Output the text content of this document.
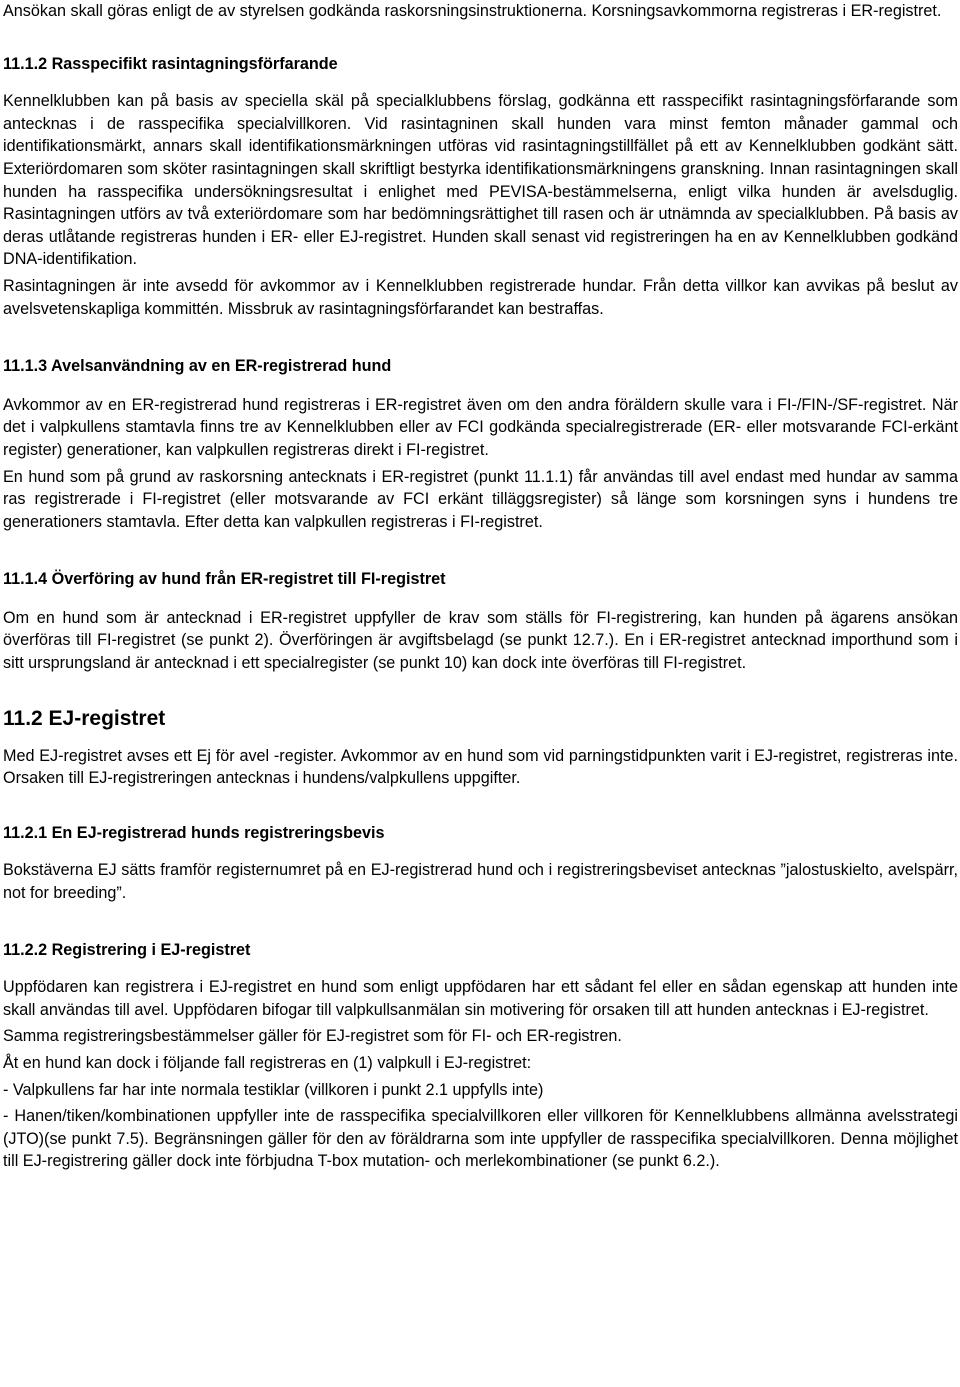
Ansökan skall göras enligt de av styrelsen godkända raskorsningsinstruktionerna. Korsningsavkommorna registreras i ER-registret.

11.1.2 Rasspecifikt rasintagningsförfarande

Kennelklubben kan på basis av speciella skäl på specialklubbens förslag, godkänna ett rasspecifikt rasintagningsförfarande som antecknas i de rasspecifika specialvillkoren. Vid rasintagninen skall hunden vara minst femton månader gammal och identifikationsmärkt, annars skall identifikationsmärkningen utföras vid rasintagningstillfället på ett av Kennelklubben godkänt sätt. Exteriördomaren som sköter rasintagningen skall skriftligt bestyrka identifikationsmärkningens granskning. Innan rasintagningen skall hunden ha rasspecifika undersökningsresultat i enlighet med PEVISA-bestämmelserna, enligt vilka hunden är avelsduglig. Rasintagningen utförs av två exteriördomare som har bedömningsrättighet till rasen och är utnämnda av specialklubben. På basis av deras utlåtande registreras hunden i ER- eller EJ-registret. Hunden skall senast vid registreringen ha en av Kennelklubben godkänd DNA-identifikation.

Rasintagningen är inte avsedd för avkommor av i Kennelklubben registrerade hundar. Från detta villkor kan avvikas på beslut av avelsvetenskapliga kommittén. Missbruk av rasintagningsförfarandet kan bestraffas.

11.1.3 Avelsanvändning av en ER-registrerad hund

Avkommor av en ER-registrerad hund registreras i ER-registret även om den andra föräldern skulle vara i FI-/FIN-/SF-registret. När det i valpkullens stamtavla finns tre av Kennelklubben eller av FCI godkända specialregistrerade (ER- eller motsvarande FCI-erkänt register) generationer, kan valpkullen registreras direkt i FI-registret.

En hund som på grund av raskorsning antecknats i ER-registret (punkt 11.1.1) får användas till avel endast med hundar av samma ras registrerade i FI-registret (eller motsvarande av FCI erkänt tilläggsregister) så länge som korsningen syns i hundens tre generationers stamtavla. Efter detta kan valpkullen registreras i FI-registret.

11.1.4 Överföring av hund från ER-registret till FI-registret

Om en hund som är antecknad i ER-registret uppfyller de krav som ställs för FI-registrering, kan hunden på ägarens ansökan överföras till FI-registret (se punkt 2). Överföringen är avgiftsbelagd (se punkt 12.7.). En i ER-registret antecknad importhund som i sitt ursprungsland är antecknad i ett specialregister (se punkt 10) kan dock inte överföras till FI-registret.

11.2 EJ-registret

Med EJ-registret avses ett Ej för avel -register. Avkommor av en hund som vid parningstidpunkten varit i EJ-registret, registreras inte. Orsaken till EJ-registreringen antecknas i hundens/valpkullens uppgifter.

11.2.1 En EJ-registrerad hunds registreringsbevis

Bokstäverna EJ sätts framför registernumret på en EJ-registrerad hund och i registreringsbeviset antecknas ”jalostuskielto, avelspärr, not for breeding”.

11.2.2 Registrering i EJ-registret

Uppfödaren kan registrera i EJ-registret en hund som enligt uppfödaren har ett sådant fel eller en sådan egenskap att hunden inte skall användas till avel. Uppfödaren bifogar till valpkullsanmälan sin motivering för orsaken till att hunden antecknas i EJ-registret.

Samma registreringsbestämmelser gäller för EJ-registret som för FI- och ER-registren.

Åt en hund kan dock i följande fall registreras en (1) valpkull i EJ-registret:

- Valpkullens far har inte normala testiklar (villkoren i punkt 2.1 uppfylls inte)

- Hanen/tiken/kombinationen uppfyller inte de rasspecifika specialvillkoren eller villkoren för Kennelklubbens allmänna avelsstrategi (JTO)(se punkt 7.5). Begränsningen gäller för den av föräldrarna som inte uppfyller de rasspecifika specialvillkoren. Denna möjlighet till EJ-registrering gäller dock inte förbjudna T-box mutation- och merlekombinationer (se punkt 6.2.).
